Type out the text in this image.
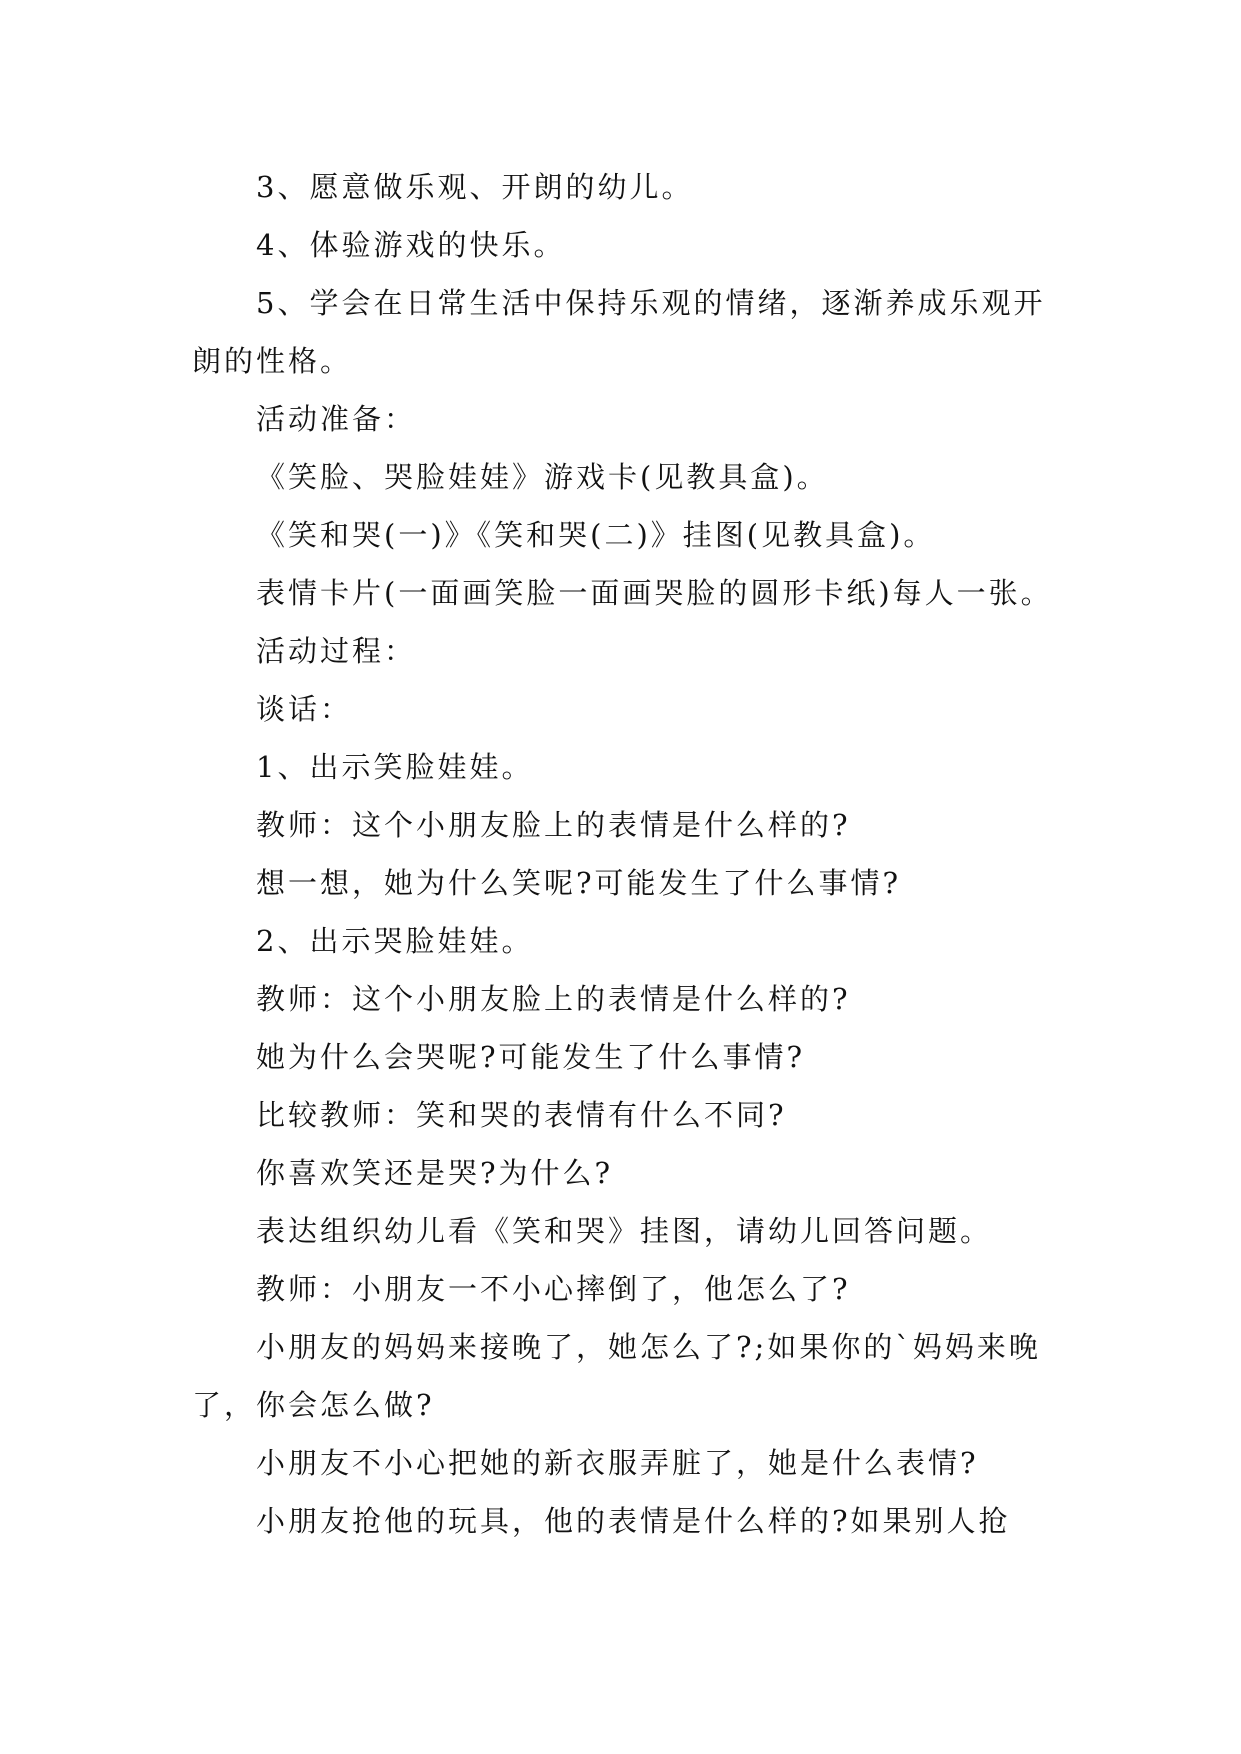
3、愿意做乐观、开朗的幼儿。

4、体验游戏的快乐。

5、学会在日常生活中保持乐观的情绪，逐渐养成乐观开朗的性格。

活动准备：

《笑脸、哭脸娃娃》游戏卡(见教具盒)。

《笑和哭(一)》《笑和哭(二)》挂图(见教具盒)。

表情卡片(一面画笑脸一面画哭脸的圆形卡纸)每人一张。

活动过程：

谈话：

1、出示笑脸娃娃。

教师：这个小朋友脸上的表情是什么样的?

想一想，她为什么笑呢?可能发生了什么事情?

2、出示哭脸娃娃。

教师：这个小朋友脸上的表情是什么样的?

她为什么会哭呢?可能发生了什么事情?

比较教师：笑和哭的表情有什么不同?

你喜欢笑还是哭?为什么?

表达组织幼儿看《笑和哭》挂图，请幼儿回答问题。

教师：小朋友一不小心摔倒了，他怎么了?

小朋友的妈妈来接晚了，她怎么了?;如果你的`妈妈来晚了，你会怎么做?

小朋友不小心把她的新衣服弄脏了，她是什么表情?

小朋友抢他的玩具，他的表情是什么样的?如果别人抢
